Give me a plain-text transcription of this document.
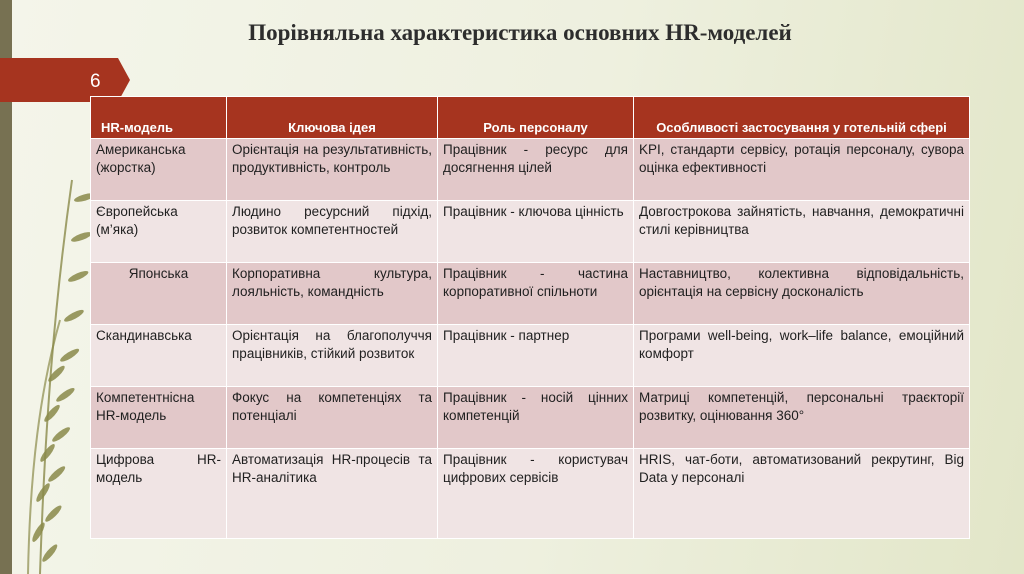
Порівняльна характеристика основних HR-моделей
6
HR-модель	Ключова ідея	Роль персоналу	Особливості застосування у готельній сфері
Американська (жорстка)	Орієнтація на результативність, продуктивність, контроль	Працівник - ресурс для досягнення цілей	KPI, стандарти сервісу, ротація персоналу, сувора оцінка ефективності
Європейська (м’яка)	Людино ресурсний підхід, розвиток компетентностей	Працівник - ключова цінність	Довгострокова зайнятість, навчання, демократичні стилі керівництва
Японська	Корпоративна культура, лояльність, командність	Працівник - частина корпоративної спільноти	Наставництво, колективна відповідальність, орієнтація на сервісну досконалість
Скандинавська	Орієнтація на благополуччя працівників, стійкий розвиток	Працівник - партнер	Програми well-being, work–life balance, емоційний комфорт
Компетентнісна HR-модель	Фокус на компетенціях та потенціалі	Працівник - носій цінних компетенцій	Матриці компетенцій, персональні траєкторії розвитку, оцінювання 360°
Цифрова HR-модель	Автоматизація HR-процесів та HR-аналітика	Працівник - користувач цифрових сервісів	HRIS, чат-боти, автоматизований рекрутинг, Big Data у персоналі
